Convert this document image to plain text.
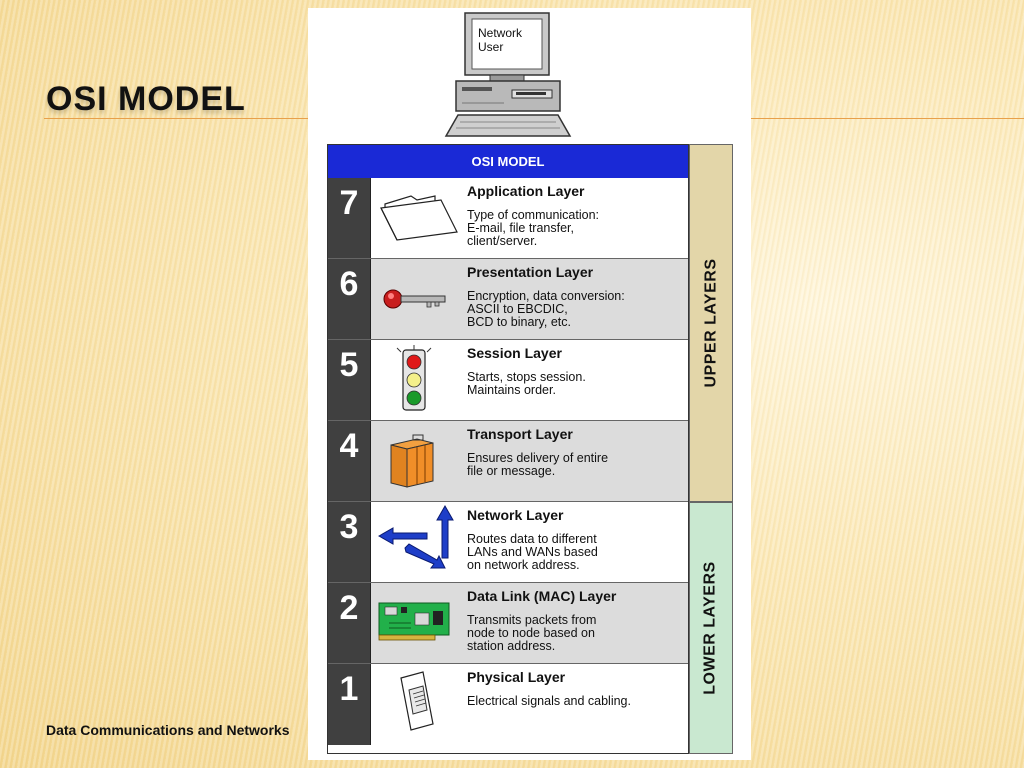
OSI MODEL
Data Communications and Networks
Network
User
OSI MODEL
7	Application Layer
Type of communication:
E-mail, file transfer,
client/server.
6	Presentation Layer
Encryption, data conversion:
ASCII to EBCDIC,
BCD to binary, etc.
5	Session Layer
Starts, stops session.
Maintains order.
4	Transport Layer
Ensures delivery of entire
file or message.
3	Network Layer
Routes data to different
LANs and WANs based
on network address.
2	Data Link (MAC) Layer
Transmits packets from
node to node based on
station address.
1	Physical Layer
Electrical signals and cabling.
UPPER LAYERS
LOWER LAYERS
